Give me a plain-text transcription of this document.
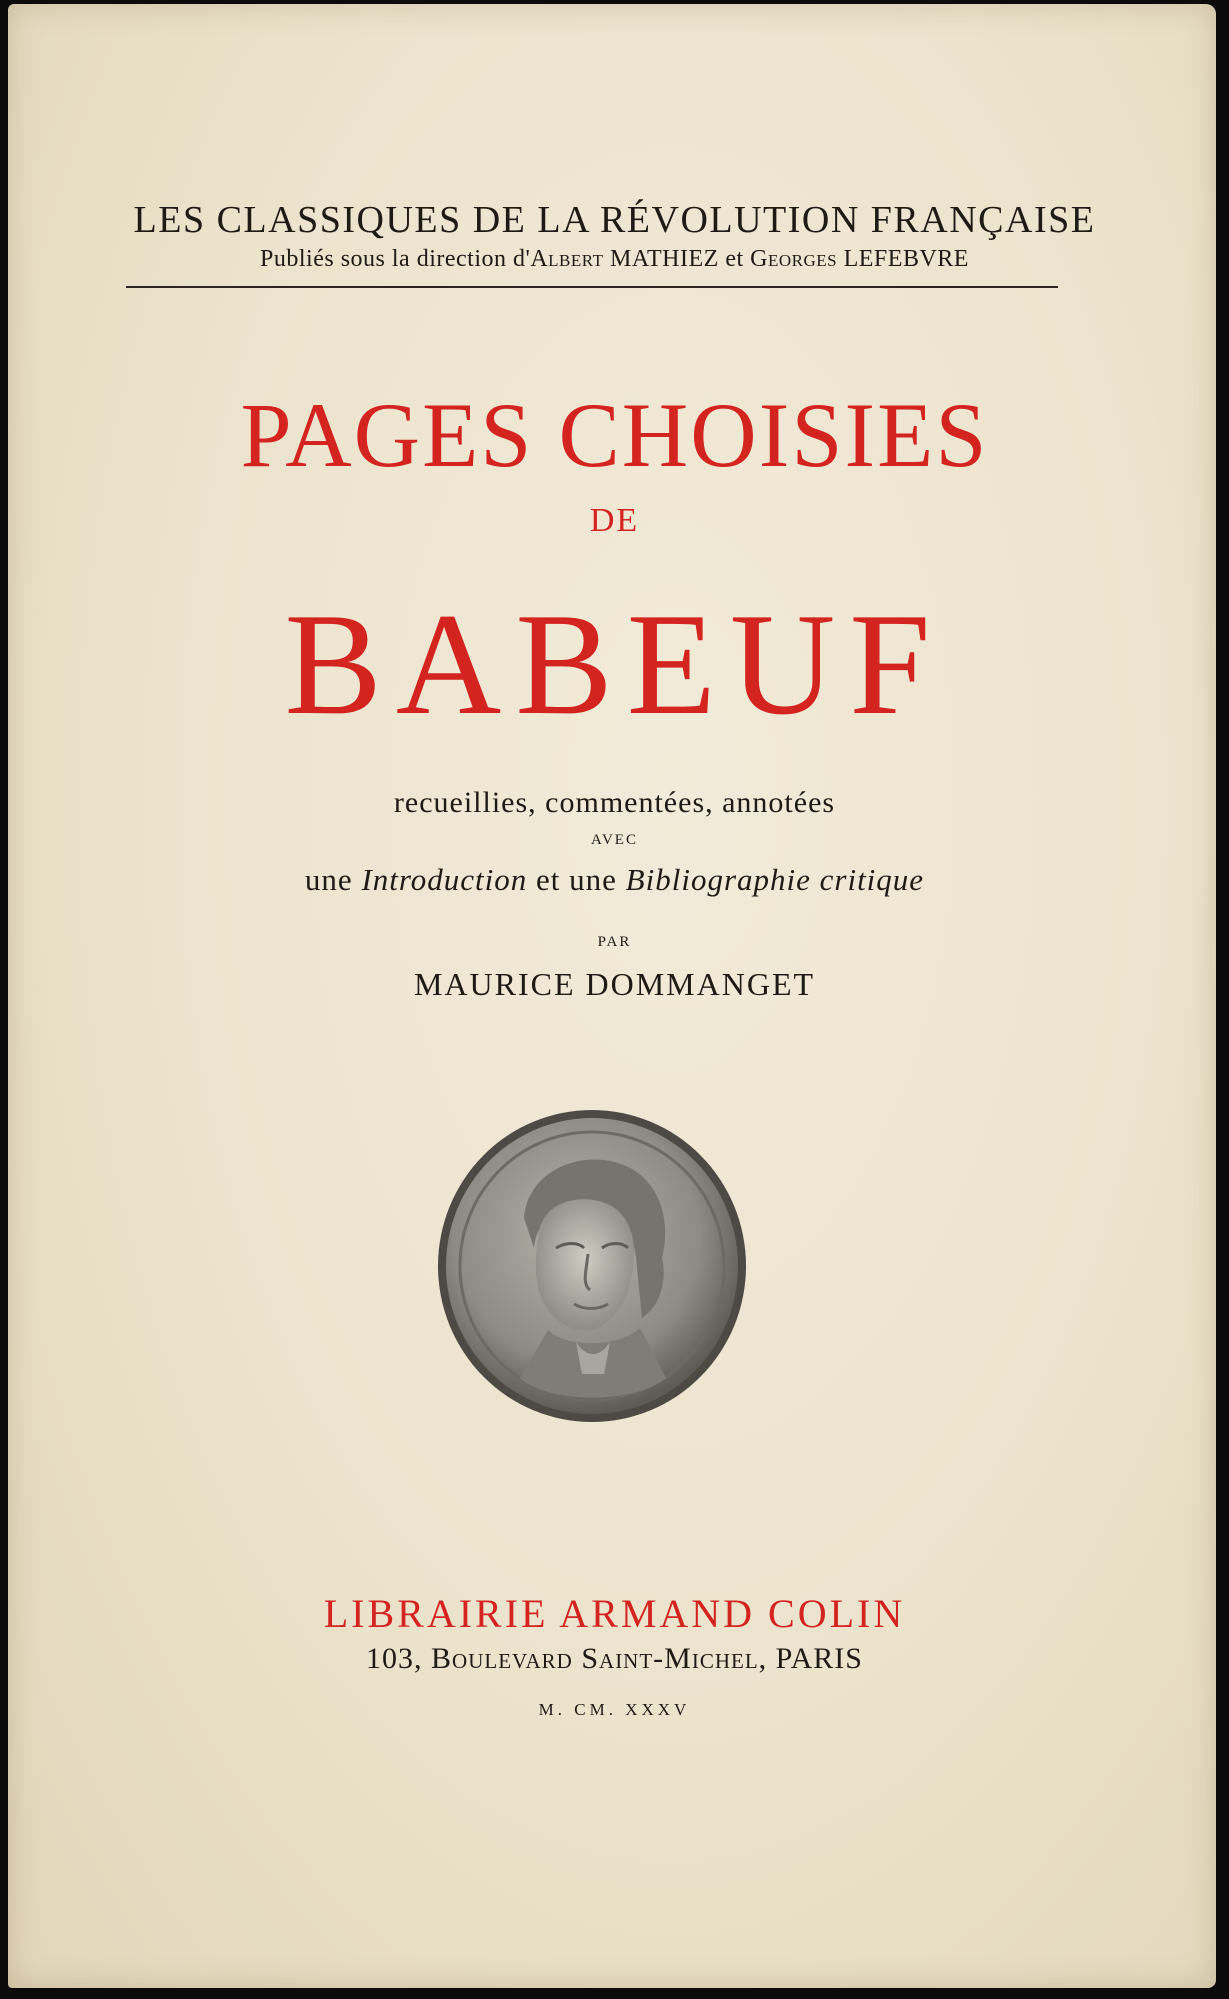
LES CLASSIQUES DE LA RÉVOLUTION FRANÇAISE
Publiés sous la direction d'Albert MATHIEZ et Georges LEFEBVRE
PAGES CHOISIES
DE
BABEUF
recueillies, commentées, annotées
AVEC
une Introduction et une Bibliographie critique
PAR
MAURICE DOMMANGET
LIBRAIRIE ARMAND COLIN
103, Boulevard Saint-Michel, PARIS
M. CM. XXXV
